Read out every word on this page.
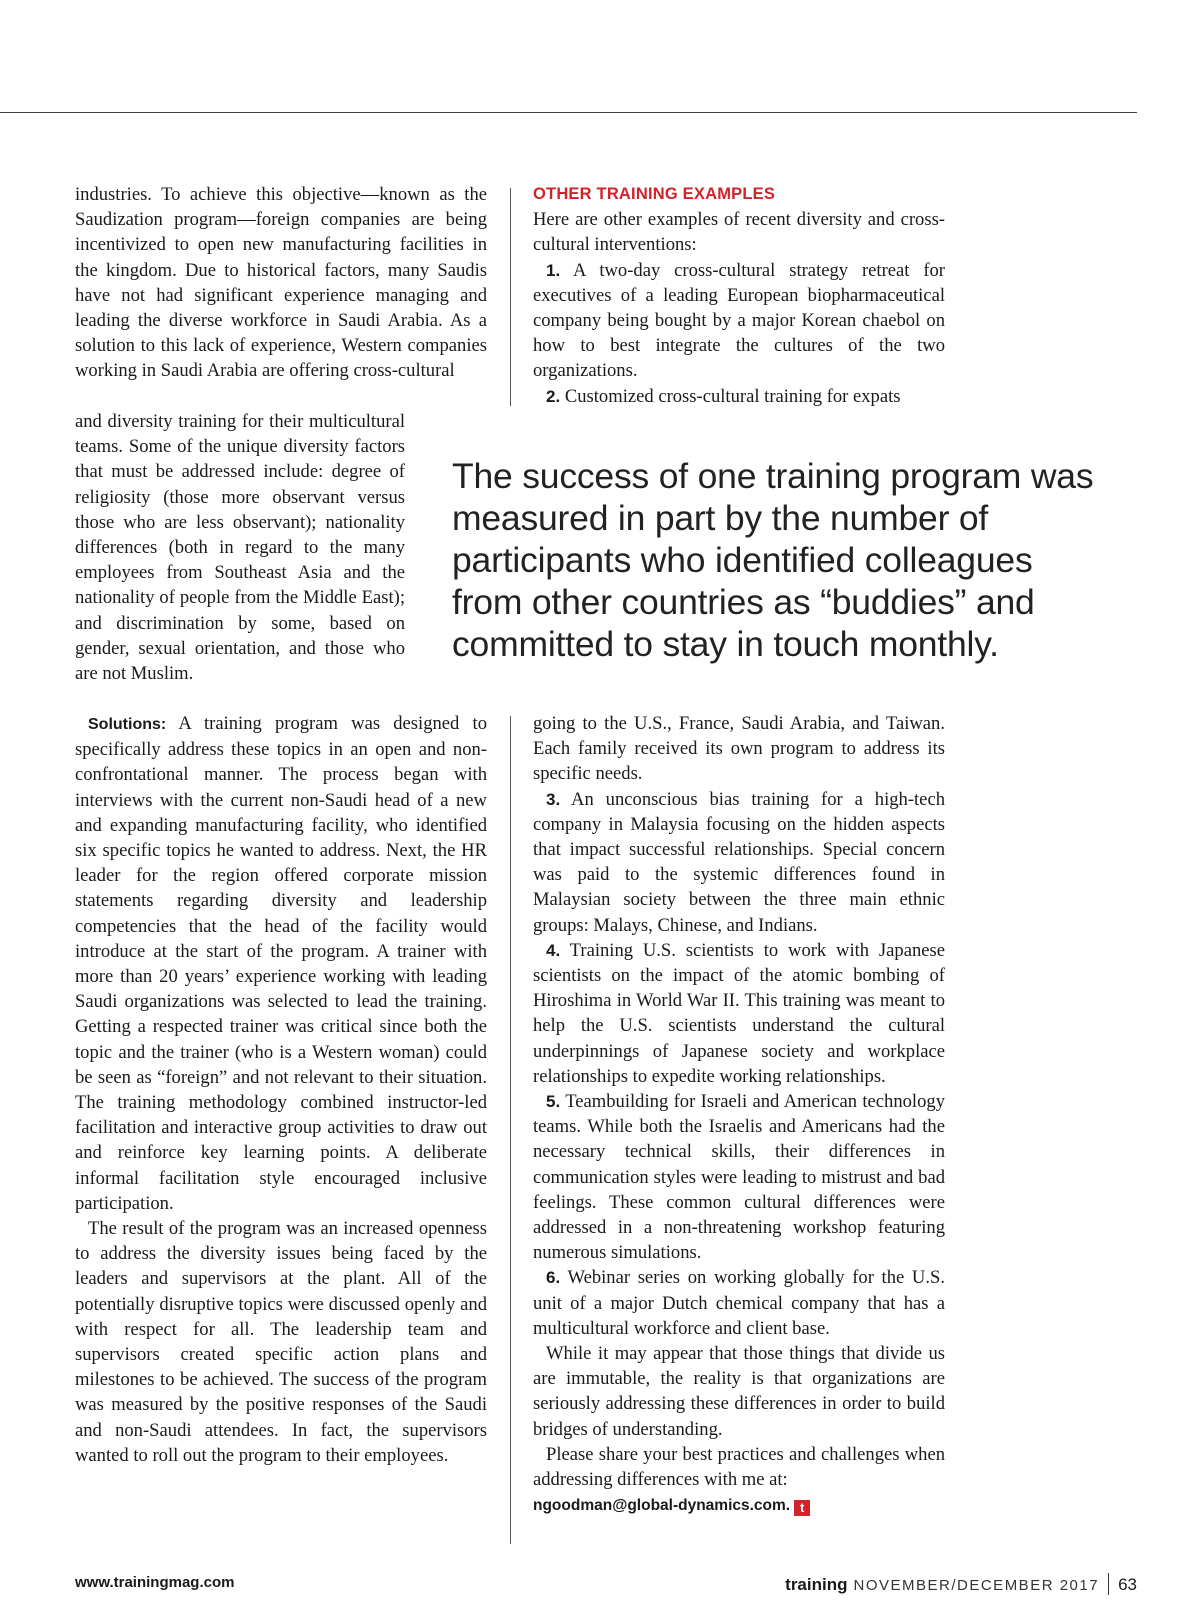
industries. To achieve this objective—known as the Saudization program—foreign companies are being incentivized to open new manufacturing facilities in the kingdom. Due to historical factors, many Saudis have not had significant experience managing and leading the diverse workforce in Saudi Arabia. As a solution to this lack of experience, Western companies working in Saudi Arabia are offering cross-cultural

and diversity training for their multicultural teams. Some of the unique diversity factors that must be addressed include: degree of religiosity (those more observant versus those who are less observant); nationality differences (both in regard to the many employees from Southeast Asia and the nationality of people from the Middle East); and discrimination by some, based on gender, sexual orientation, and those who are not Muslim.

Solutions: A training program was designed to specifically address these topics in an open and non-confrontational manner. The process began with interviews with the current non-Saudi head of a new and expanding manufacturing facility, who identified six specific topics he wanted to address. Next, the HR leader for the region offered corporate mission statements regarding diversity and leadership competencies that the head of the facility would introduce at the start of the program. A trainer with more than 20 years’ experience working with leading Saudi organizations was selected to lead the training. Getting a respected trainer was critical since both the topic and the trainer (who is a Western woman) could be seen as “foreign” and not relevant to their situation. The training methodology combined instructor-led facilitation and interactive group activities to draw out and reinforce key learning points. A deliberate informal facilitation style encouraged inclusive participation.

The result of the program was an increased openness to address the diversity issues being faced by the leaders and supervisors at the plant. All of the potentially disruptive topics were discussed openly and with respect for all. The leadership team and supervisors created specific action plans and milestones to be achieved. The success of the program was measured by the positive responses of the Saudi and non-Saudi attendees. In fact, the supervisors wanted to roll out the program to their employees.

OTHER TRAINING EXAMPLES

Here are other examples of recent diversity and cross-cultural interventions:

1. A two-day cross-cultural strategy retreat for executives of a leading European biopharmaceutical company being bought by a major Korean chaebol on how to best integrate the cultures of the two organizations.

2. Customized cross-cultural training for expats

The success of one training program was measured in part by the number of participants who identified colleagues from other countries as “buddies” and committed to stay in touch monthly.

going to the U.S., France, Saudi Arabia, and Taiwan. Each family received its own program to address its specific needs.

3. An unconscious bias training for a high-tech company in Malaysia focusing on the hidden aspects that impact successful relationships. Special concern was paid to the systemic differences found in Malaysian society between the three main ethnic groups: Malays, Chinese, and Indians.

4. Training U.S. scientists to work with Japanese scientists on the impact of the atomic bombing of Hiroshima in World War II. This training was meant to help the U.S. scientists understand the cultural underpinnings of Japanese society and workplace relationships to expedite working relationships.

5. Teambuilding for Israeli and American technology teams. While both the Israelis and Americans had the necessary technical skills, their differences in communication styles were leading to mistrust and bad feelings. These common cultural differences were addressed in a non-threatening workshop featuring numerous simulations.

6. Webinar series on working globally for the U.S. unit of a major Dutch chemical company that has a multicultural workforce and client base.

While it may appear that those things that divide us are immutable, the reality is that organizations are seriously addressing these differences in order to build bridges of understanding.

Please share your best practices and challenges when addressing differences with me at:

ngoodman@global-dynamics.com. t

www.trainingmag.com	training NOVEMBER/DECEMBER 2017 63
